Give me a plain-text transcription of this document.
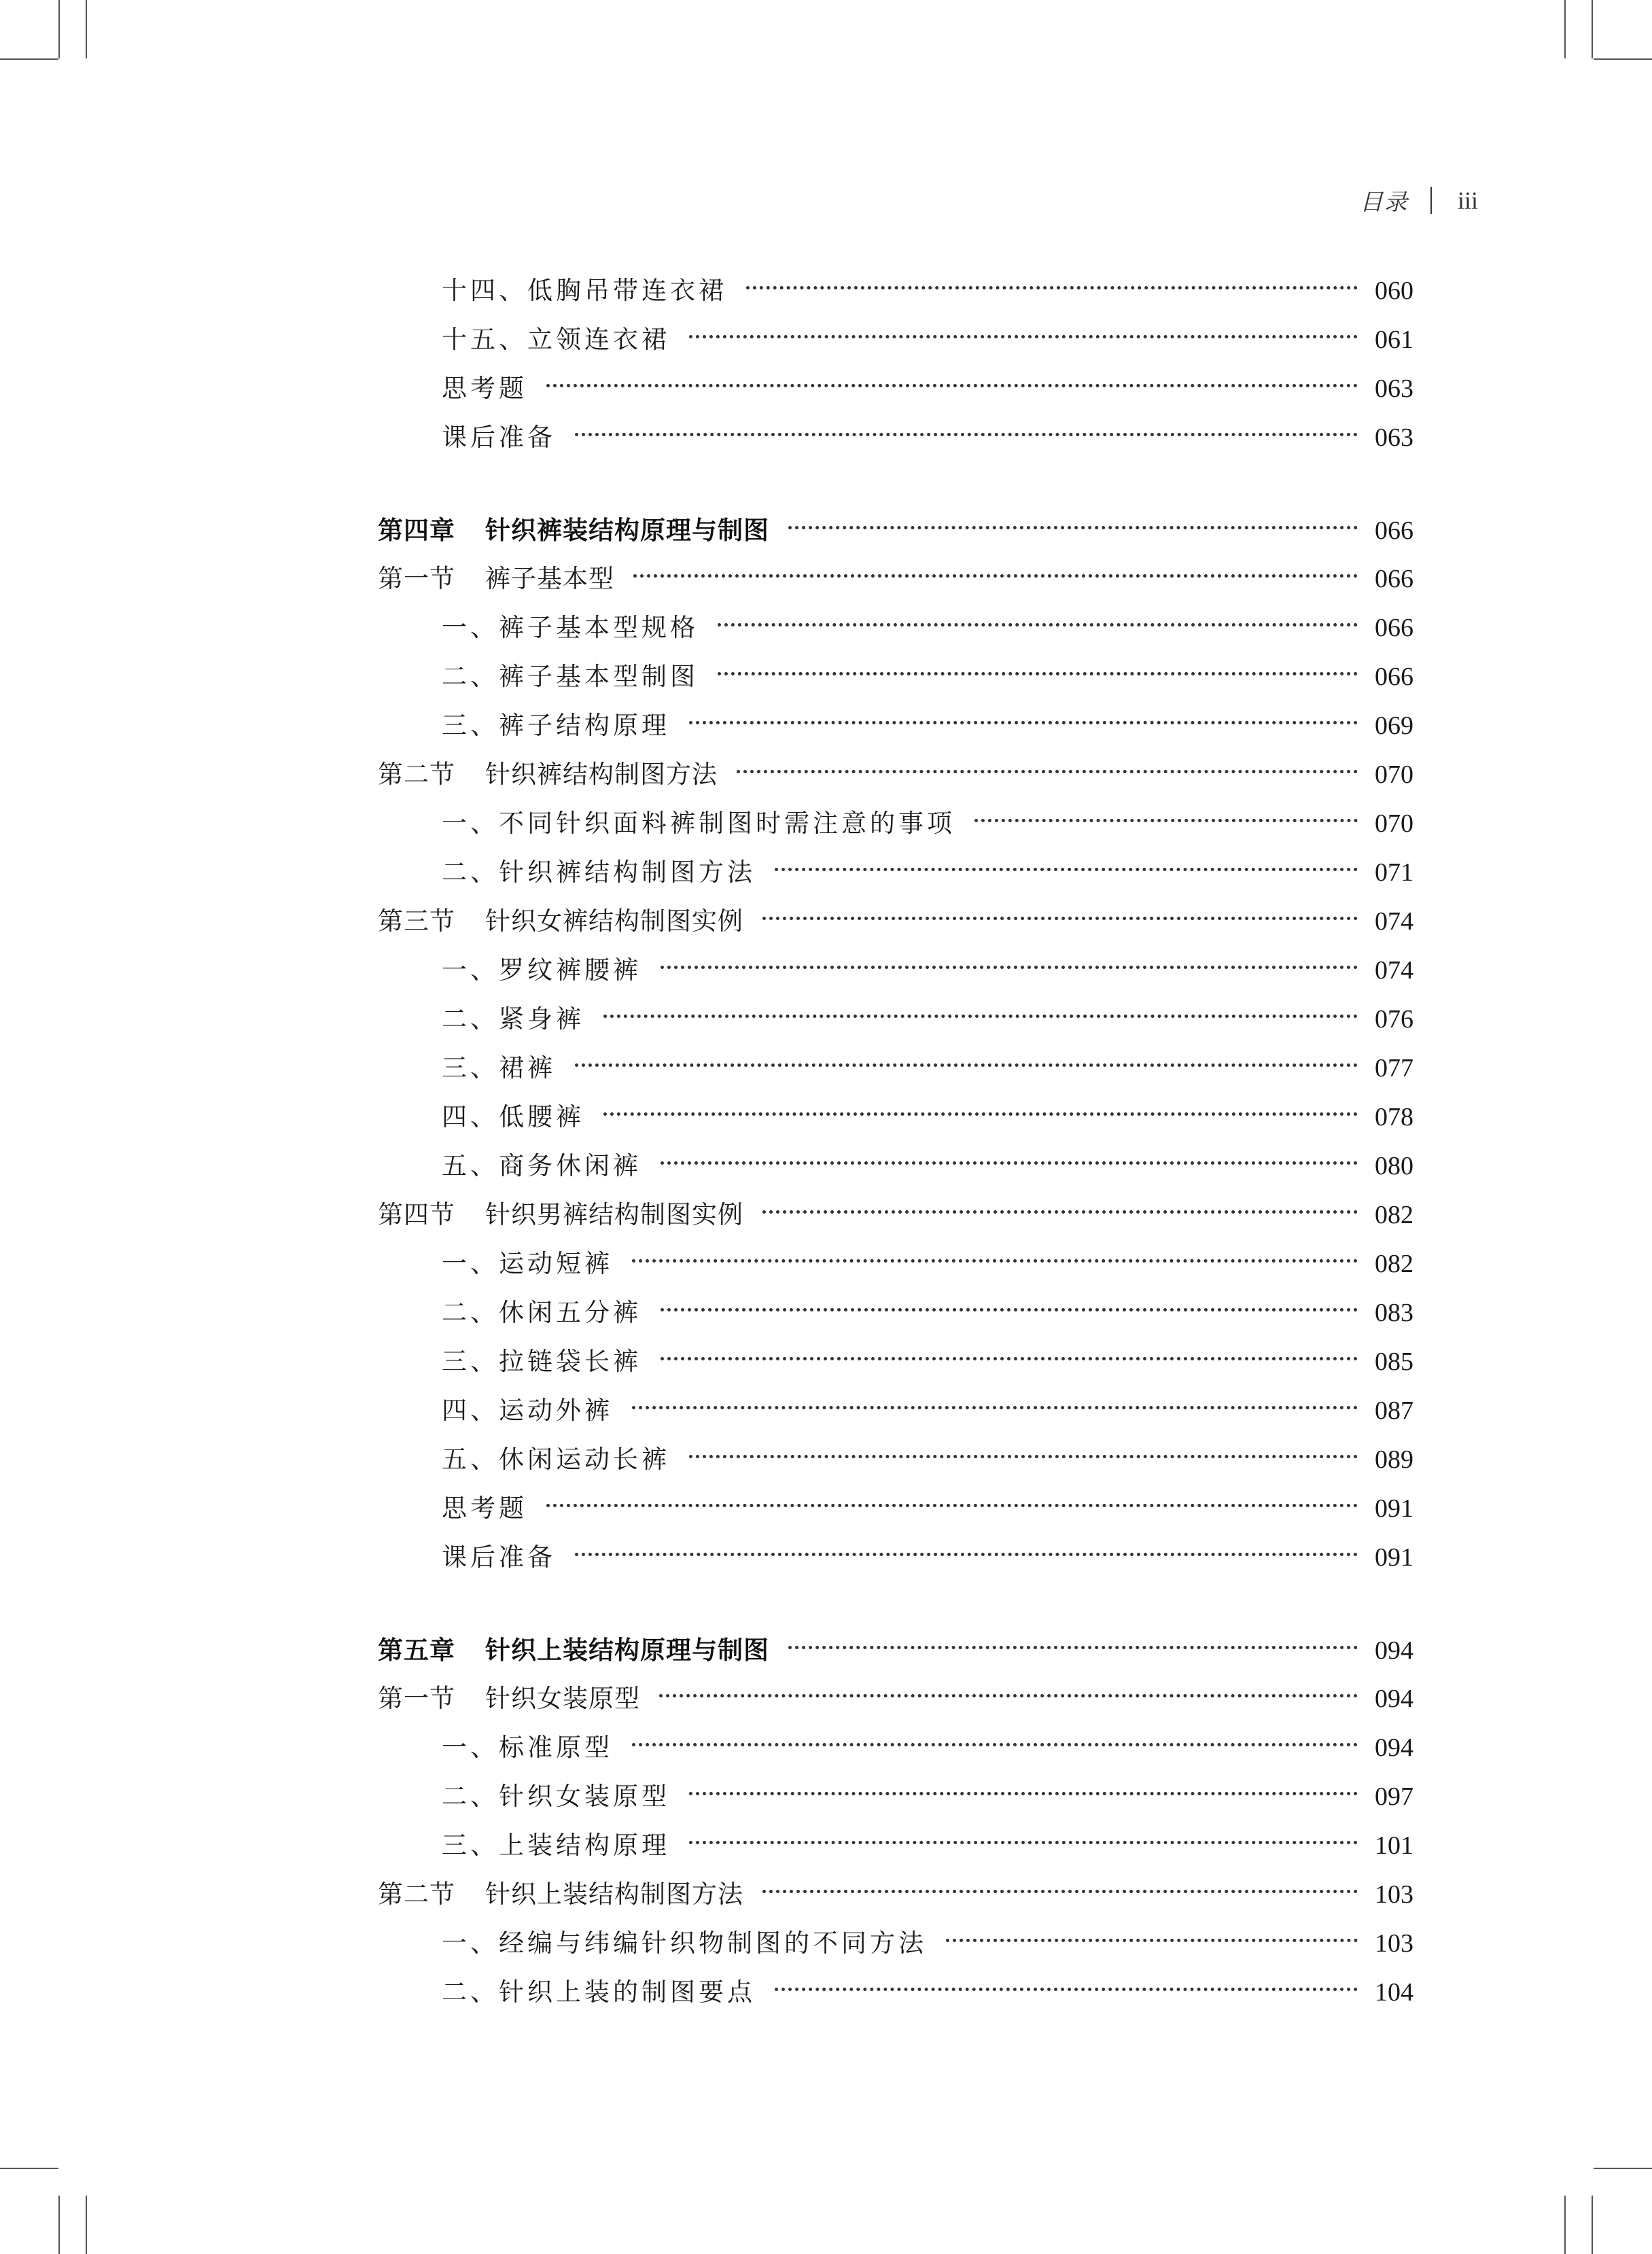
目录 iii
十四、低胸吊带连衣裙	060
十五、立领连衣裙	061
思考题	063
课后准备	063
第四章 针织裤装结构原理与制图	066
第一节 裤子基本型	066
一、裤子基本型规格	066
二、裤子基本型制图	066
三、裤子结构原理	069
第二节 针织裤结构制图方法	070
一、不同针织面料裤制图时需注意的事项	070
二、针织裤结构制图方法	071
第三节 针织女裤结构制图实例	074
一、罗纹裤腰裤	074
二、紧身裤	076
三、裙裤	077
四、低腰裤	078
五、商务休闲裤	080
第四节 针织男裤结构制图实例	082
一、运动短裤	082
二、休闲五分裤	083
三、拉链袋长裤	085
四、运动外裤	087
五、休闲运动长裤	089
思考题	091
课后准备	091
第五章 针织上装结构原理与制图	094
第一节 针织女装原型	094
一、标准原型	094
二、针织女装原型	097
三、上装结构原理	101
第二节 针织上装结构制图方法	103
一、经编与纬编针织物制图的不同方法	103
二、针织上装的制图要点	104
